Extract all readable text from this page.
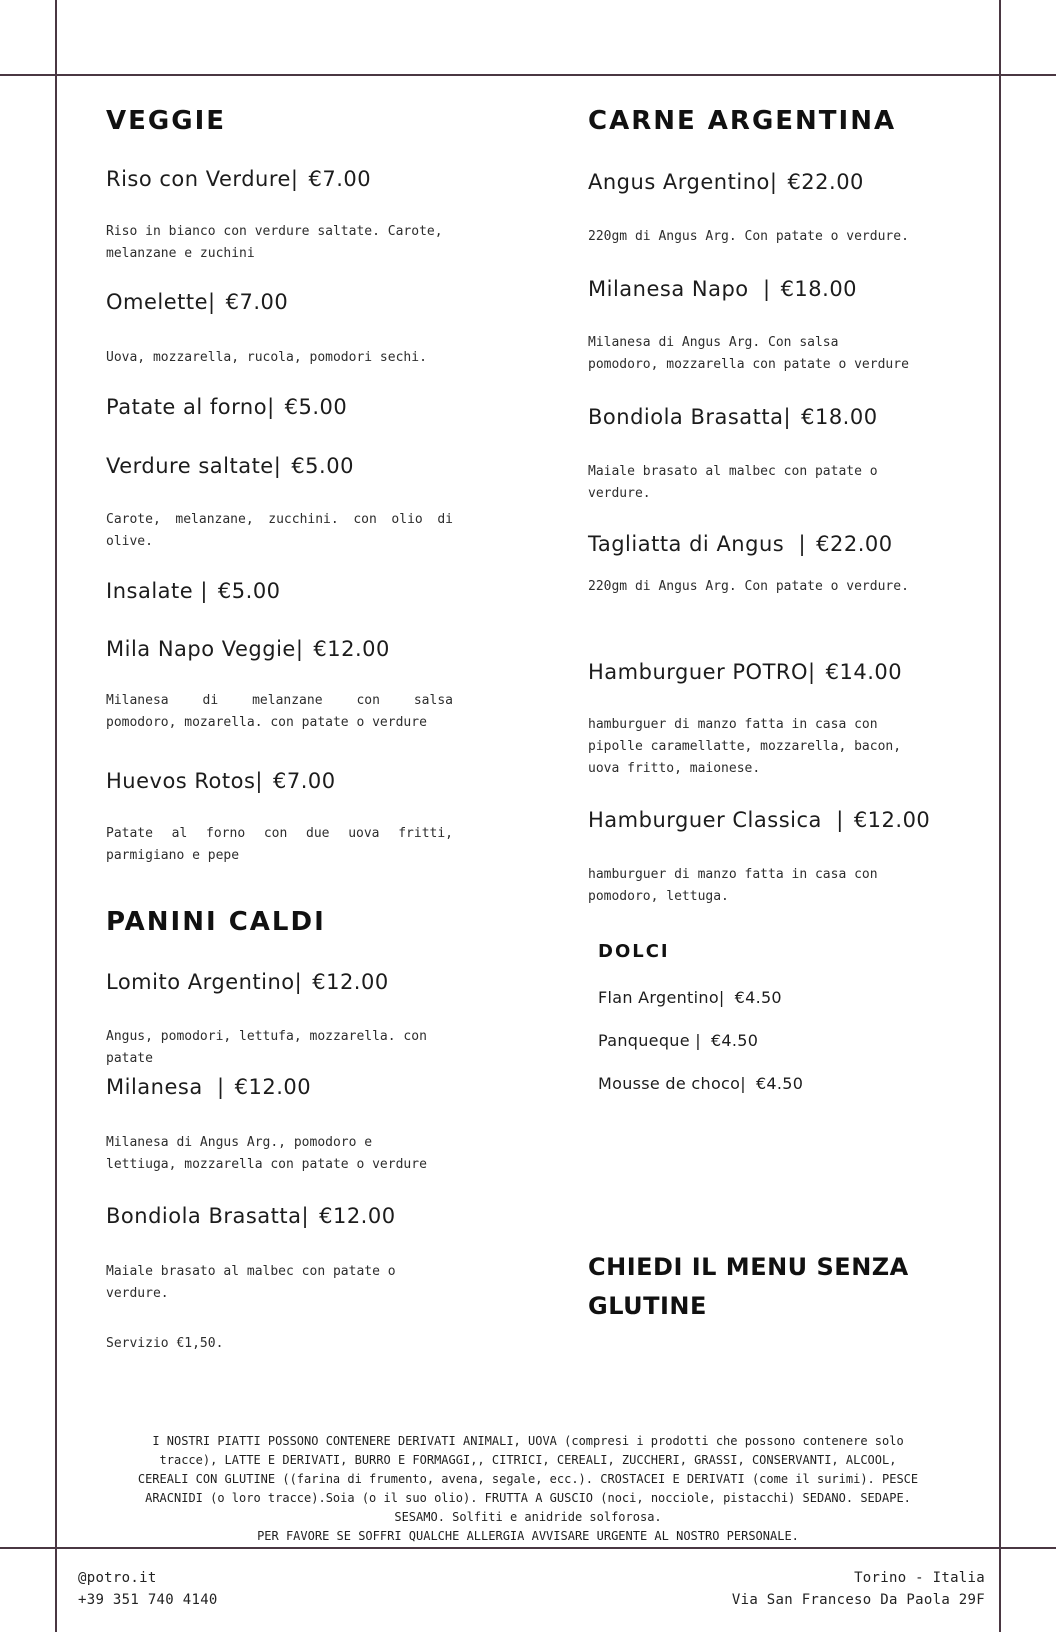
VEGGIE
Riso con Verdure| €7.00
Riso in bianco con verdure saltate. Carote,
melanzane e zuchini
Omelette| €7.00
Uova, mozzarella, rucola, pomodori sechi.
Patate al forno| €5.00
Verdure saltate| €5.00
Carote, melanzane, zucchini. con olio di
olive.
Insalate | €5.00
Mila Napo Veggie| €12.00
Milanesa di melanzane con salsa
pomodoro, mozarella. con patate o verdure
Huevos Rotos| €7.00
Patate al forno con due uova fritti,
parmigiano e pepe
PANINI CALDI
Lomito Argentino| €12.00
Angus, pomodori, lettufa, mozzarella. con
patate
Milanesa  | €12.00
Milanesa di Angus Arg., pomodoro e
lettiuga, mozzarella con patate o verdure
Bondiola Brasatta| €12.00
Maiale brasato al malbec con patate o
verdure.
Servizio €1,50.
CARNE ARGENTINA
Angus Argentino| €22.00
220gm di Angus Arg. Con patate o verdure.
Milanesa Napo  | €18.00
Milanesa di Angus Arg. Con salsa
pomodoro, mozzarella con patate o verdure
Bondiola Brasatta| €18.00
Maiale brasato al malbec con patate o
verdure.
Tagliatta di Angus  | €22.00
220gm di Angus Arg. Con patate o verdure.
Hamburguer POTRO| €14.00
hamburguer di manzo fatta in casa con
pipolle caramellatte, mozzarella, bacon,
uova fritto, maionese.
Hamburguer Classica  | €12.00
hamburguer di manzo fatta in casa con
pomodoro, lettuga.
DOLCI
Flan Argentino| €4.50
Panqueque | €4.50
Mousse de choco| €4.50
CHIEDI IL MENU SENZA GLUTINE
I NOSTRI PIATTI POSSONO CONTENERE DERIVATI ANIMALI, UOVA (compresi i prodotti che possono contenere solo
tracce), LATTE E DERIVATI, BURRO E FORMAGGI,, CITRICI, CEREALI, ZUCCHERI, GRASSI, CONSERVANTI, ALCOOL,
CEREALI CON GLUTINE ((farina di frumento, avena, segale, ecc.). CROSTACEI E DERIVATI (come il surimi). PESCE
ARACNIDI (o loro tracce).Soia (o il suo olio). FRUTTA A GUSCIO (noci, nocciole, pistacchi) SEDANO. SEDAPE.
SESAMO. Solfiti e anidride solforosa.
PER FAVORE SE SOFFRI QUALCHE ALLERGIA AVVISARE URGENTE AL NOSTRO PERSONALE.
@potro.it
+39 351 740 4140
Torino - Italia
Via San Franceso Da Paola 29F
